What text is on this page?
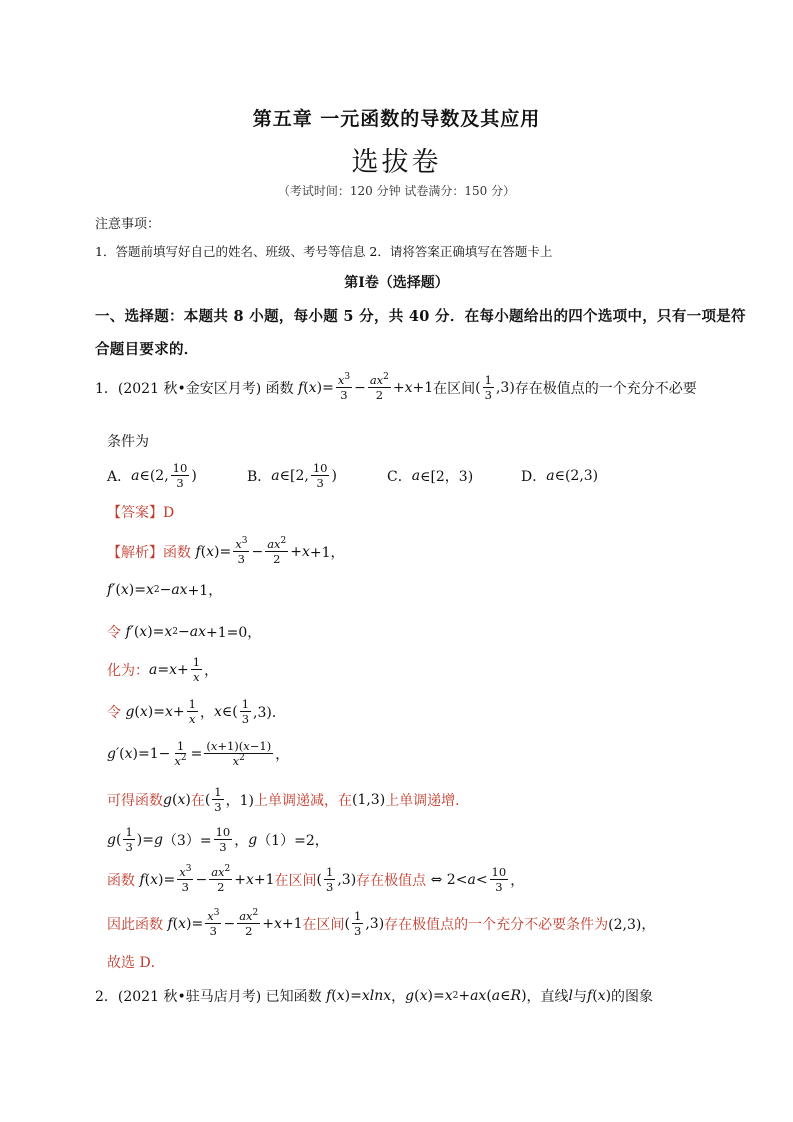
第五章 一元函数的导数及其应用
选拔卷
（考试时间：120 分钟 试卷满分：150 分）
注意事项：
1．答题前填写好自己的姓名、班级、考号等信息 2．请将答案正确填写在答题卡上
第Ⅰ卷（选择题）
一、选择题：本题共 8 小题，每小题 5 分，共 40 分．在每小题给出的四个选项中，只有一项是符
合题目要求的．
1．(2021 秋•金安区月考) 函数 f ( x )= $\frac{x^3}{3} - \frac{ax^2}{2} + x +1$ 在区间 ( $\frac{1}{3} ,3$) 存在极值点的一个充分不必要
条件为
A． a ∈(2, $\frac{10}{3}$ )	B． a ∈[2, $\frac{10}{3}$ )	C． a ∈[2，3)	D． a ∈(2,3)
【答案】D
【解析】 函数 f ( x )= $\frac{x^3}{3} - \frac{ax^2}{2} + x +1$，
f′ ( x )= x 2 − ax +1，
令 f′ ( x )= x 2 − ax +1=0，
化为： $a = x + \frac{1}{x}$ ，
令 g ( x )= $x + \frac{1}{x}$ ， x ∈( $\frac{1}{3} ,3$)．
g′ ( x )$=1- \frac{1}{x^2} = \frac{(x+1)(x-1)}{x^2}$ ，
可得函数 g ( x ) 在 ( $\frac{1}{3}$ ，1) 上单调递减，在 (1,3) 上单调递增．
g ( $\frac{1}{3}$ )= g $(3)= \frac{10}{3}$ ， g （1）=2，
函数 f ( x )= $\frac{x^3}{3} - \frac{ax^2}{2} + x +1$ 在区间 ( $\frac{1}{3} ,3$) 存在极值点 ⇔ $2< a < \frac{10}{3}$ ，
因此函数 f ( x )= $\frac{x^3}{3} - \frac{ax^2}{2} + x +1$ 在区间 ( $\frac{1}{3} ,3$) 存在极值点的一个充分不必要条件为 (2,3)，
故选 D．
2．(2021 秋•驻马店月考) 已知函数 f ( x )= xlnx ， g ( x )= x 2 + ax ( a ∈ R ) ，直线 l 与 f ( x ) 的图象
